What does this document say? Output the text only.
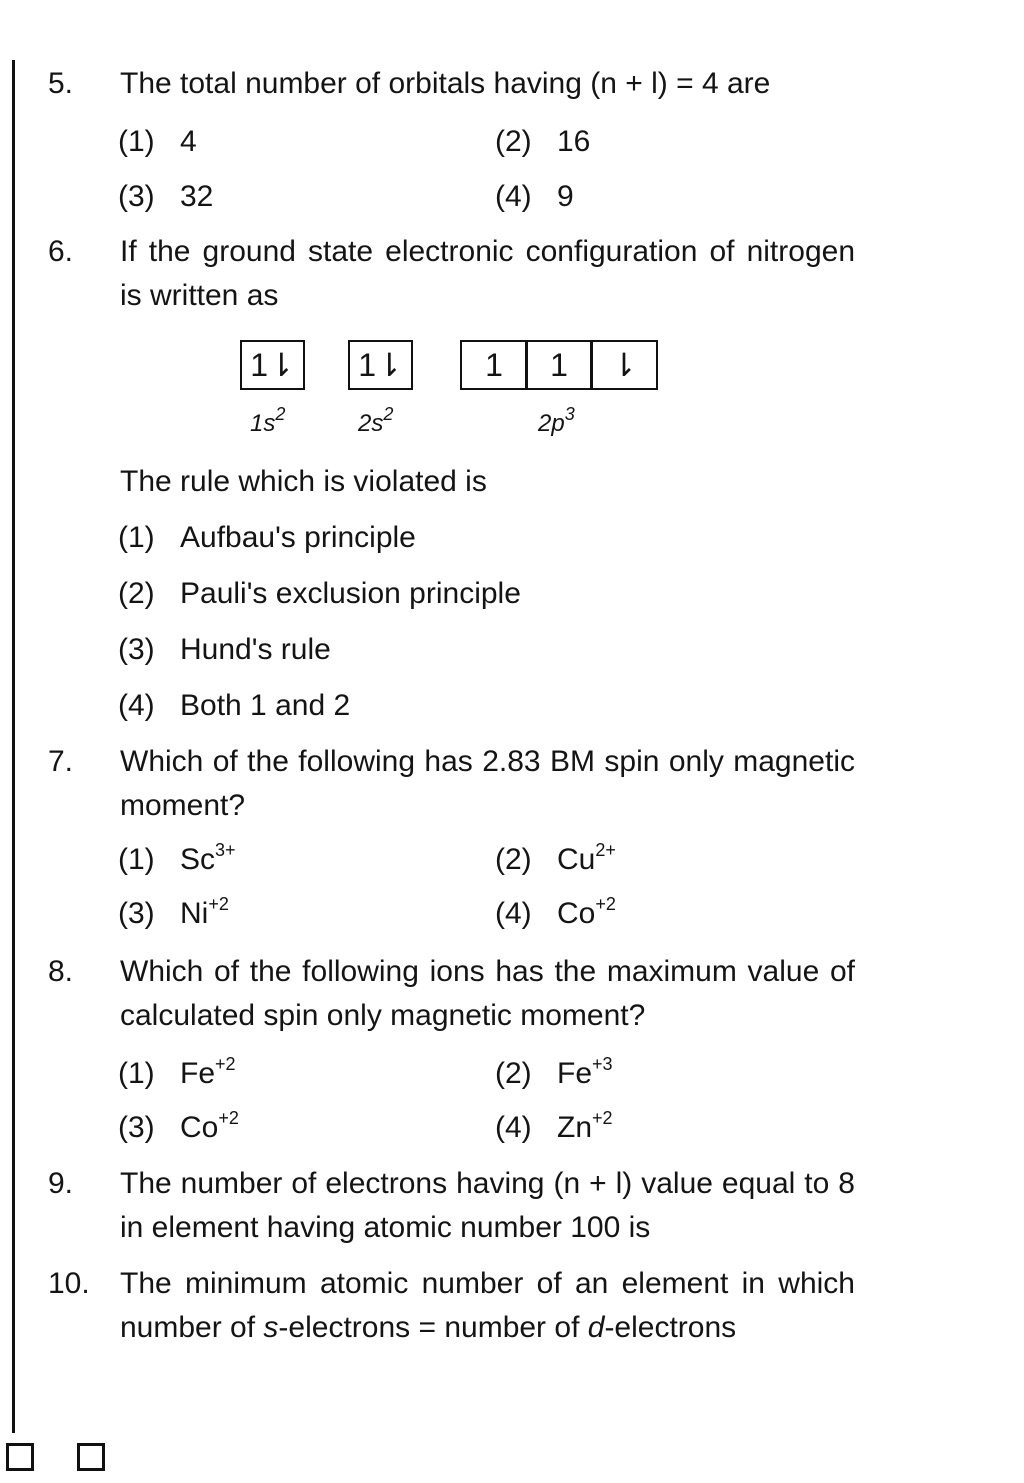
5. The total number of orbitals having (n + l) = 4 are
(1) 4	(2) 16
(3) 32	(4) 9
6. If the ground state electronic configuration of nitrogen
is written as
1⇂	1⇂	1	1	⇂
$1s^2$	$2s^2$	$2p^3$
The rule which is violated is
(1) Aufbau's principle
(2) Pauli's exclusion principle
(3) Hund's rule
(4) Both 1 and 2
7. Which of the following has 2.83 BM spin only magnetic moment?
(1) $Sc^{3+}$	(2) $Cu^{2+}$
(3) $Ni^{+2}$	(4) $Co^{+2}$
8. Which of the following ions has the maximum value of calculated spin only magnetic moment?
(1) $Fe^{+2}$	(2) $Fe^{+3}$
(3) $Co^{+2}$	(4) $Zn^{+2}$
9. The number of electrons having (n + l) value equal to 8 in element having atomic number 100 is
10. The minimum atomic number of an element in which number of s-electrons = number of d-electrons
